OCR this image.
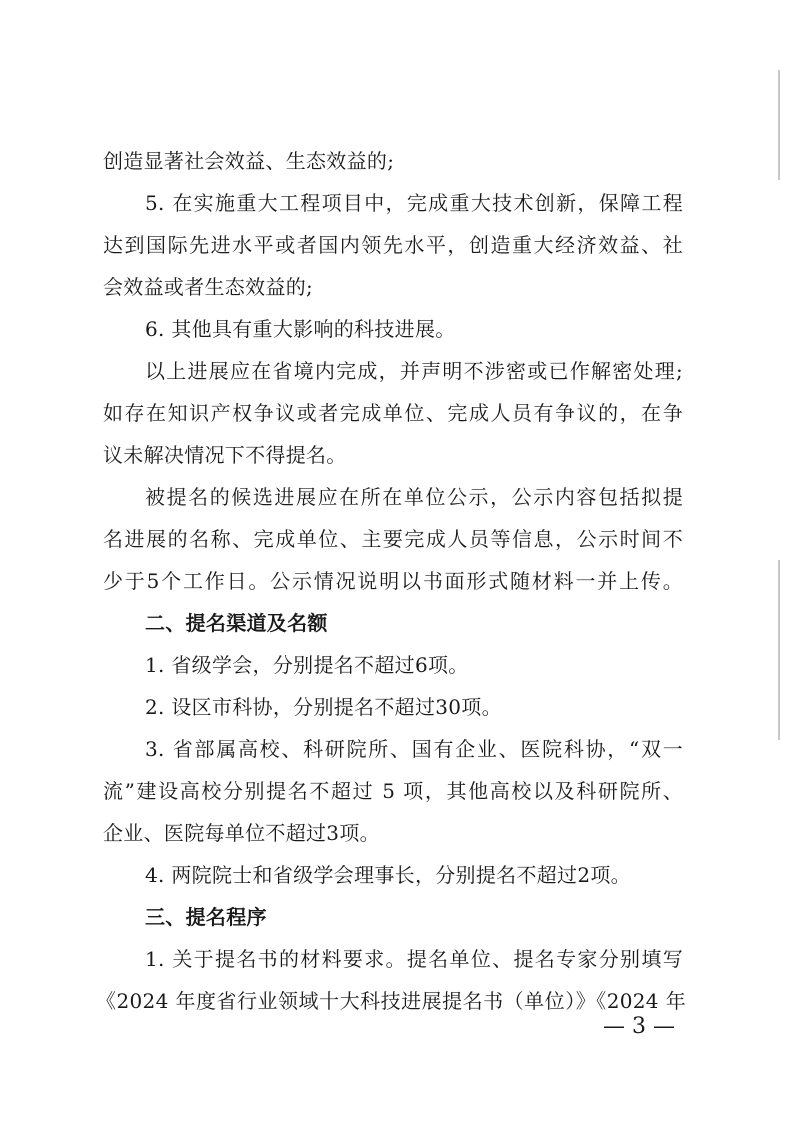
创造显著社会效益、生态效益的;
5. 在实施重大工程项目中，完成重大技术创新，保障工程
达到国际先进水平或者国内领先水平，创造重大经济效益、社
会效益或者生态效益的;
6. 其他具有重大影响的科技进展。
以上进展应在省境内完成，并声明不涉密或已作解密处理;
如存在知识产权争议或者完成单位、完成人员有争议的，在争
议未解决情况下不得提名。
被提名的候选进展应在所在单位公示，公示内容包括拟提
名进展的名称、完成单位、主要完成人员等信息，公示时间不
少于5个工作日。公示情况说明以书面形式随材料一并上传。
二、提名渠道及名额
1. 省级学会，分别提名不超过6项。
2. 设区市科协，分别提名不超过30项。
3. 省部属高校、科研院所、国有企业、医院科协，“双一
流”建设高校分别提名不超过 5 项，其他高校以及科研院所、
企业、医院每单位不超过3项。
4. 两院院士和省级学会理事长，分别提名不超过2项。
三、提名程序
1. 关于提名书的材料要求。提名单位、提名专家分别填写
《2024 年度省行业领域十大科技进展提名书（单位）》《2024 年
— 3 —
